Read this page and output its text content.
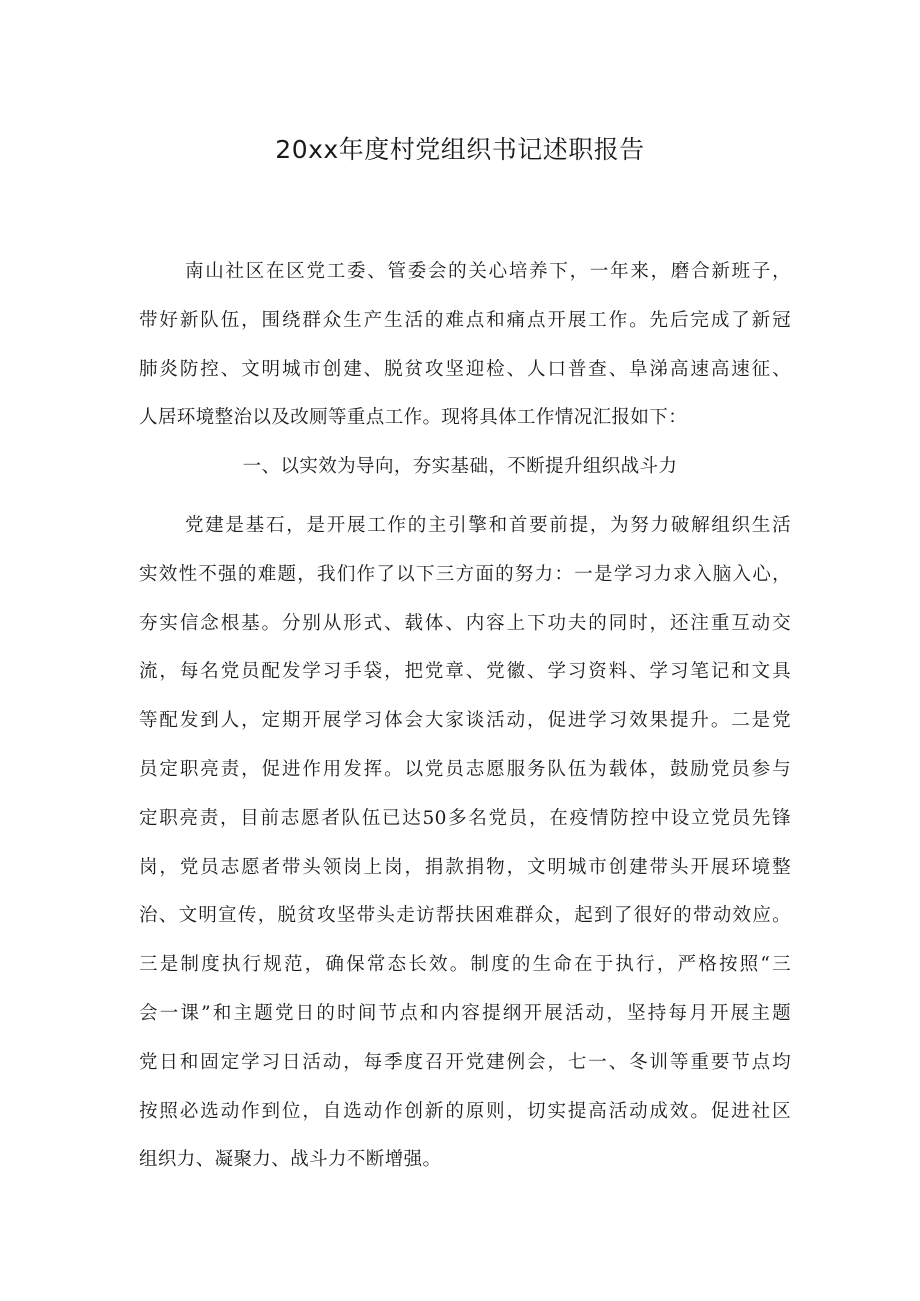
20xx年度村党组织书记述职报告
南山社区在区党工委、管委会的关心培养下，一年来，磨合新班子，
带好新队伍，围绕群众生产生活的难点和痛点开展工作。先后完成了新冠
肺炎防控、文明城市创建、脱贫攻坚迎检、人口普查、阜涕高速高速征、
人居环境整治以及改厕等重点工作。现将具体工作情况汇报如下：

一、以实效为导向，夯实基础，不断提升组织战斗力

党建是基石，是开展工作的主引擎和首要前提，为努力破解组织生活
实效性不强的难题，我们作了以下三方面的努力：一是学习力求入脑入心，
夯实信念根基。分别从形式、载体、内容上下功夫的同时，还注重互动交
流，每名党员配发学习手袋，把党章、党徽、学习资料、学习笔记和文具
等配发到人，定期开展学习体会大家谈活动，促进学习效果提升。二是党
员定职亮责，促进作用发挥。以党员志愿服务队伍为载体，鼓励党员参与
定职亮责，目前志愿者队伍已达50多名党员，在疫情防控中设立党员先锋
岗，党员志愿者带头领岗上岗，捐款捐物，文明城市创建带头开展环境整
治、文明宣传，脱贫攻坚带头走访帮扶困难群众，起到了很好的带动效应。
三是制度执行规范，确保常态长效。制度的生命在于执行，严格按照“三
会一课”和主题党日的时间节点和内容提纲开展活动，坚持每月开展主题
党日和固定学习日活动，每季度召开党建例会，七一、冬训等重要节点均
按照必选动作到位，自选动作创新的原则，切实提高活动成效。促进社区
组织力、凝聚力、战斗力不断增强。
